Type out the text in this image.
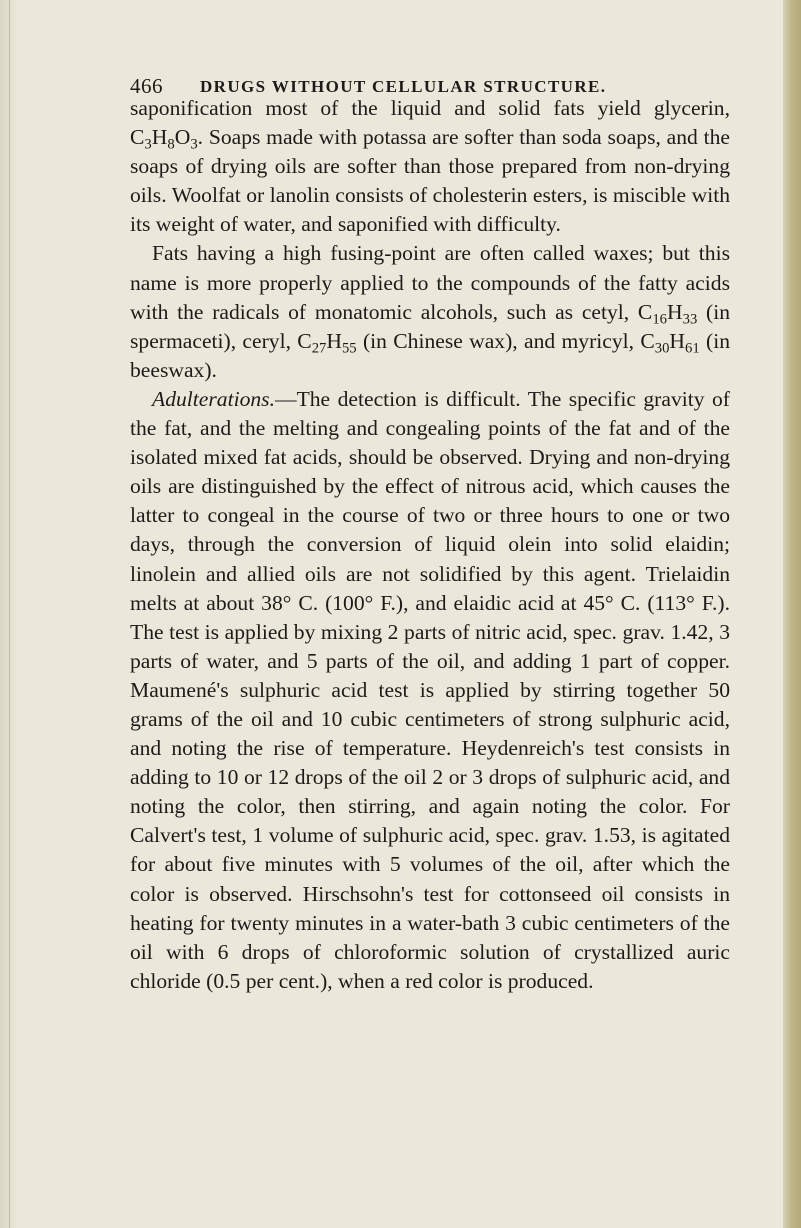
466 DRUGS WITHOUT CELLULAR STRUCTURE.

saponification most of the liquid and solid fats yield glycerin, $C_3H_8O_3$. Soaps made with potassa are softer than soda soaps, and the soaps of drying oils are softer than those prepared from non-drying oils. Woolfat or lanolin consists of cholesterin esters, is miscible with its weight of water, and saponified with difficulty.

Fats having a high fusing-point are often called waxes; but this name is more properly applied to the compounds of the fatty acids with the radicals of monatomic alcohols, such as cetyl, $C_{16}H_{33}$ (in spermaceti), ceryl, $C_{27}H_{55}$ (in Chinese wax), and myricyl, $C_{30}H_{61}$ (in beeswax).

Adulterations.—The detection is difficult. The specific gravity of the fat, and the melting and congealing points of the fat and of the isolated mixed fat acids, should be observed. Drying and non-drying oils are distinguished by the effect of nitrous acid, which causes the latter to congeal in the course of two or three hours to one or two days, through the conversion of liquid olein into solid elaidin; linolein and allied oils are not solidified by this agent. Trielaidin melts at about 38° C. (100° F.), and elaidic acid at 45° C. (113° F.). The test is applied by mixing 2 parts of nitric acid, spec. grav. 1.42, 3 parts of water, and 5 parts of the oil, and adding 1 part of copper. Maumené's sulphuric acid test is applied by stirring together 50 grams of the oil and 10 cubic centimeters of strong sulphuric acid, and noting the rise of temperature. Heydenreich's test consists in adding to 10 or 12 drops of the oil 2 or 3 drops of sulphuric acid, and noting the color, then stirring, and again noting the color. For Calvert's test, 1 volume of sulphuric acid, spec. grav. 1.53, is agitated for about five minutes with 5 volumes of the oil, after which the color is observed. Hirschsohn's test for cottonseed oil consists in heating for twenty minutes in a water-bath 3 cubic centimeters of the oil with 6 drops of chloroformic solution of crystallized auric chloride (0.5 per cent.), when a red color is produced.
